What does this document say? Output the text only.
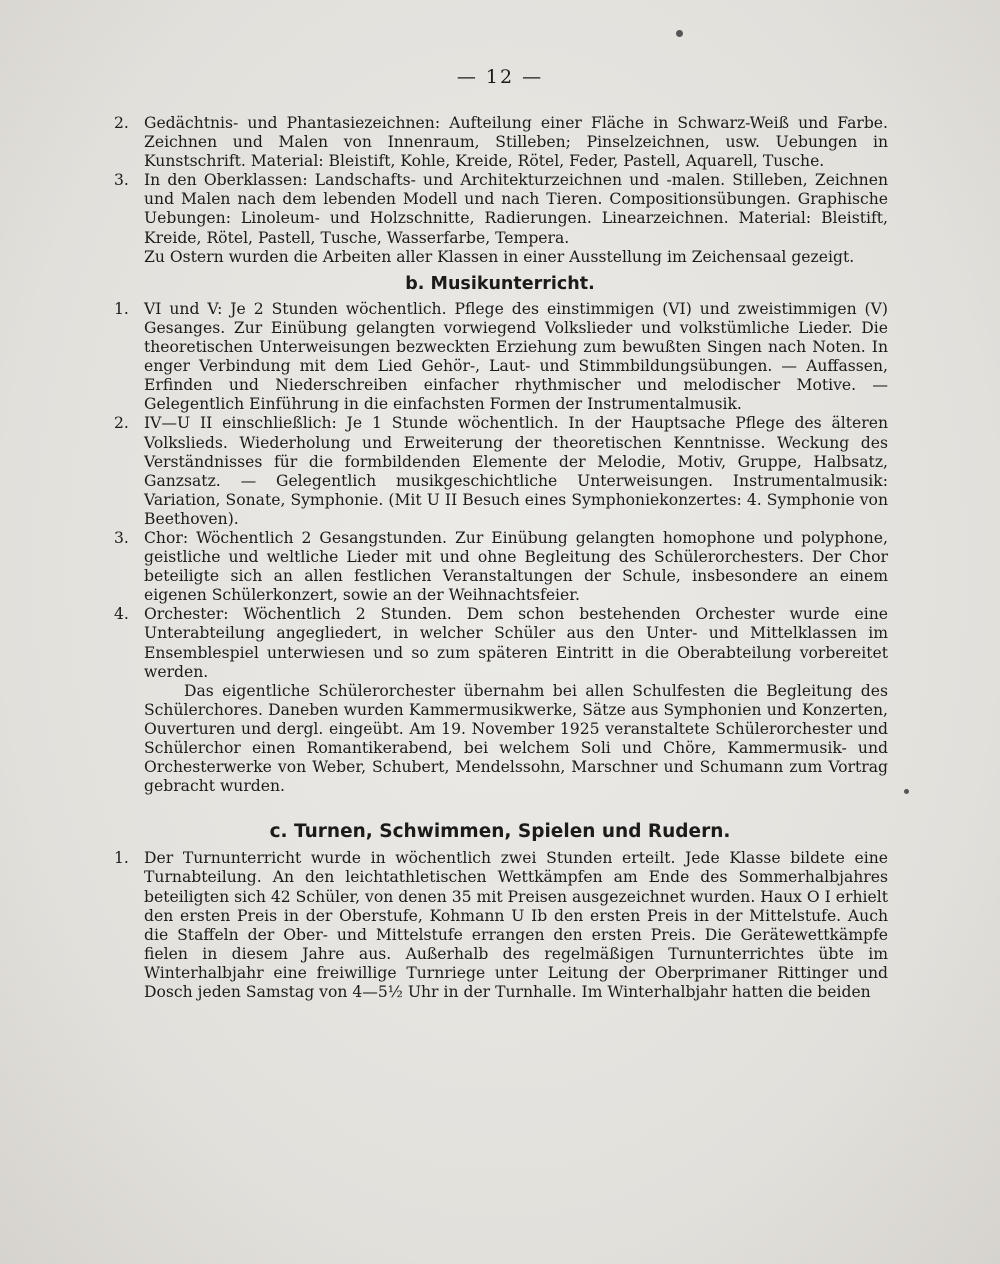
— 12 —
2. Gedächtnis- und Phantasiezeichnen: Aufteilung einer Fläche in Schwarz-Weiß und Farbe. Zeichnen und Malen von Innenraum, Stilleben; Pinselzeichnen, usw. Uebungen in Kunstschrift. Material: Bleistift, Kohle, Kreide, Rötel, Feder, Pastell, Aquarell, Tusche.

3. In den Oberklassen: Landschafts- und Architekturzeichnen und -malen. Stilleben, Zeichnen und Malen nach dem lebenden Modell und nach Tieren. Compositionsübungen. Graphische Uebungen: Linoleum- und Holzschnitte, Radierungen. Linearzeichnen. Material: Bleistift, Kreide, Rötel, Pastell, Tusche, Wasserfarbe, Tempera.

Zu Ostern wurden die Arbeiten aller Klassen in einer Ausstellung im Zeichensaal gezeigt.

b. Musikunterricht.
1. VI und V: Je 2 Stunden wöchentlich. Pflege des einstimmigen (VI) und zweistimmigen (V) Gesanges. Zur Einübung gelangten vorwiegend Volkslieder und volkstümliche Lieder. Die theoretischen Unterweisungen bezweckten Erziehung zum bewußten Singen nach Noten. In enger Verbindung mit dem Lied Gehör-, Laut- und Stimmbildungsübungen. — Auffassen, Erfinden und Niederschreiben einfacher rhythmischer und melodischer Motive. — Gelegentlich Einführung in die einfachsten Formen der Instrumentalmusik.

2. IV—U II einschließlich: Je 1 Stunde wöchentlich. In der Hauptsache Pflege des älteren Volkslieds. Wiederholung und Erweiterung der theoretischen Kenntnisse. Weckung des Verständnisses für die formbildenden Elemente der Melodie, Motiv, Gruppe, Halbsatz, Ganzsatz. — Gelegentlich musikgeschichtliche Unterweisungen. Instrumentalmusik: Variation, Sonate, Symphonie. (Mit U II Besuch eines Symphoniekonzertes: 4. Symphonie von Beethoven).

3. Chor: Wöchentlich 2 Gesangstunden. Zur Einübung gelangten homophone und polyphone, geistliche und weltliche Lieder mit und ohne Begleitung des Schülerorchesters. Der Chor beteiligte sich an allen festlichen Veranstaltungen der Schule, insbesondere an einem eigenen Schülerkonzert, sowie an der Weihnachtsfeier.

4. Orchester: Wöchentlich 2 Stunden. Dem schon bestehenden Orchester wurde eine Unterabteilung angegliedert, in welcher Schüler aus den Unter- und Mittelklassen im Ensemblespiel unterwiesen und so zum späteren Eintritt in die Oberabteilung vorbereitet werden.

Das eigentliche Schülerorchester übernahm bei allen Schulfesten die Begleitung des Schülerchores. Daneben wurden Kammermusikwerke, Sätze aus Symphonien und Konzerten, Ouverturen und dergl. eingeübt. Am 19. November 1925 veranstaltete Schülerorchester und Schülerchor einen Romantikerabend, bei welchem Soli und Chöre, Kammermusik- und Orchesterwerke von Weber, Schubert, Mendelssohn, Marschner und Schumann zum Vortrag gebracht wurden.

c. Turnen, Schwimmen, Spielen und Rudern.
1. Der Turnunterricht wurde in wöchentlich zwei Stunden erteilt. Jede Klasse bildete eine Turnabteilung. An den leichtathletischen Wettkämpfen am Ende des Sommerhalbjahres beteiligten sich 42 Schüler, von denen 35 mit Preisen ausgezeichnet wurden. Haux O I erhielt den ersten Preis in der Oberstufe, Kohmann U Ib den ersten Preis in der Mittelstufe. Auch die Staffeln der Ober- und Mittelstufe errangen den ersten Preis. Die Gerätewettkämpfe fielen in diesem Jahre aus. Außerhalb des regelmäßigen Turnunterrichtes übte im Winterhalbjahr eine freiwillige Turnriege unter Leitung der Oberprimaner Rittinger und Dosch jeden Samstag von 4—5½ Uhr in der Turnhalle. Im Winterhalbjahr hatten die beiden
